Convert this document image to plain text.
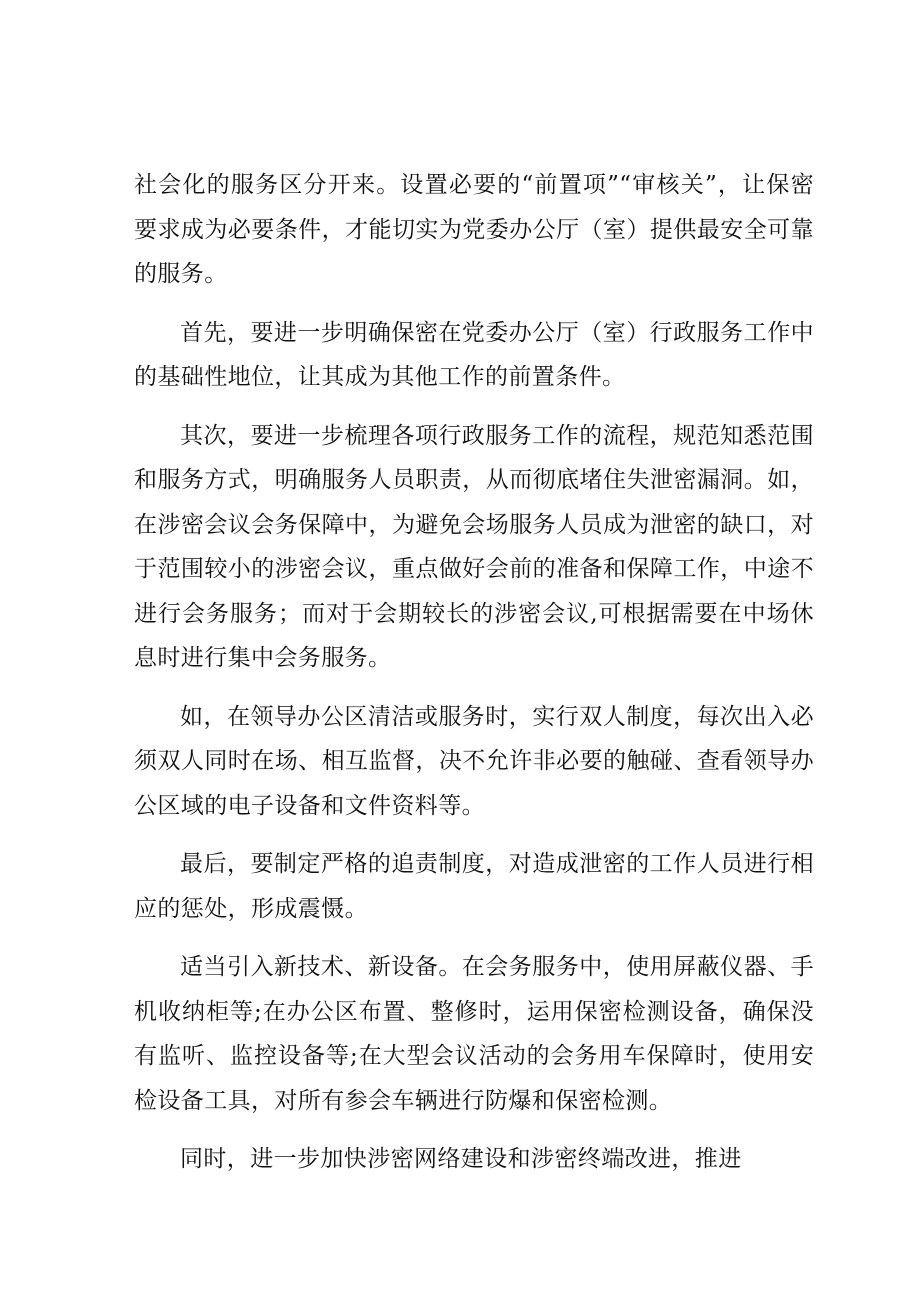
社会化的服务区分开来。设置必要的“前置项”“审核关”，让保密要求成为必要条件，才能切实为党委办公厅（室）提供最安全可靠的服务。

首先，要进一步明确保密在党委办公厅（室）行政服务工作中的基础性地位，让其成为其他工作的前置条件。

其次，要进一步梳理各项行政服务工作的流程，规范知悉范围和服务方式，明确服务人员职责，从而彻底堵住失泄密漏洞。如，在涉密会议会务保障中，为避免会场服务人员成为泄密的缺口，对于范围较小的涉密会议，重点做好会前的准备和保障工作，中途不进行会务服务；而对于会期较长的涉密会议,可根据需要在中场休息时进行集中会务服务。

如，在领导办公区清洁或服务时，实行双人制度，每次出入必须双人同时在场、相互监督，决不允许非必要的触碰、查看领导办公区域的电子设备和文件资料等。

最后，要制定严格的追责制度，对造成泄密的工作人员进行相应的惩处，形成震慑。

适当引入新技术、新设备。在会务服务中，使用屏蔽仪器、手机收纳柜等;在办公区布置、整修时，运用保密检测设备，确保没有监听、监控设备等;在大型会议活动的会务用车保障时，使用安检设备工具，对所有参会车辆进行防爆和保密检测。

同时，进一步加快涉密网络建设和涉密终端改进，推进
